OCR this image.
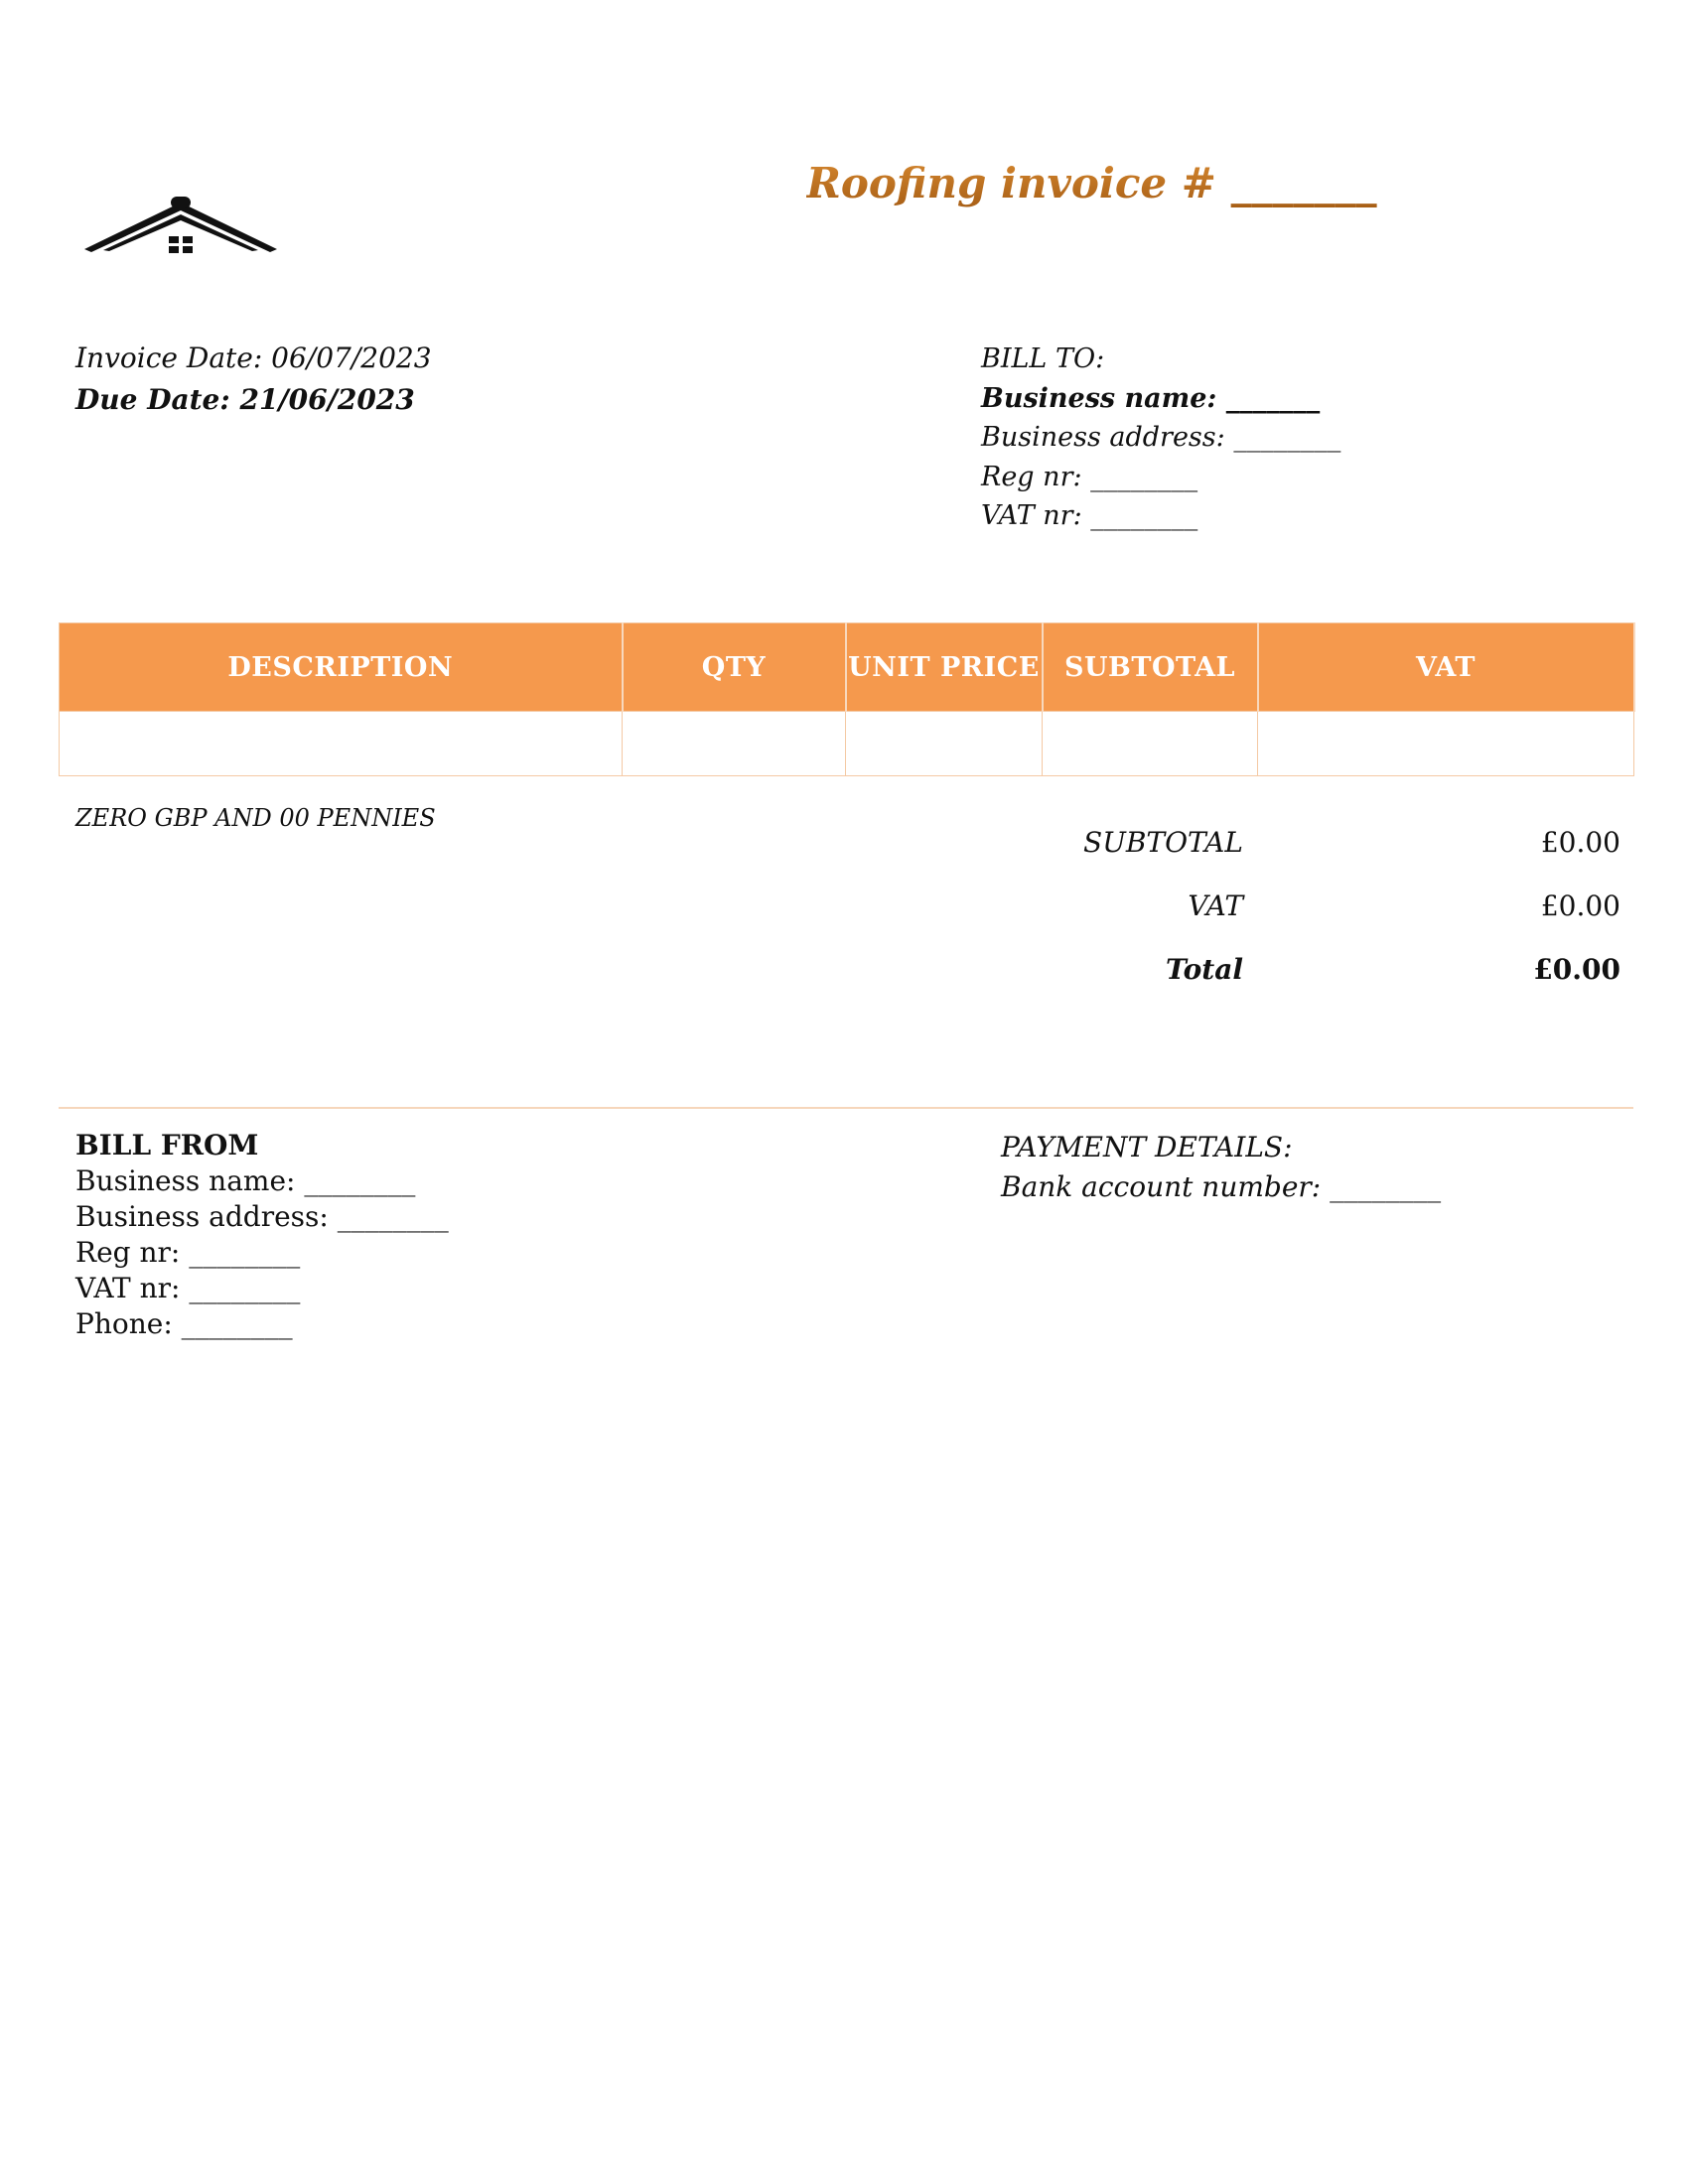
Roofing invoice # _______
Invoice Date: 06/07/2023
Due Date: 21/06/2023
BILL TO:
Business name: _______
Business address: ________
Reg nr: ________
VAT nr: ________
DESCRIPTION	QTY	UNIT PRICE	SUBTOTAL	VAT

ZERO GBP AND 00 PENNIES
SUBTOTAL	£0.00
VAT	£0.00
Total	£0.00
BILL FROM
Business name: ________
Business address: ________
Reg nr: ________
VAT nr: ________
Phone: ________
PAYMENT DETAILS:
Bank account number: ________
